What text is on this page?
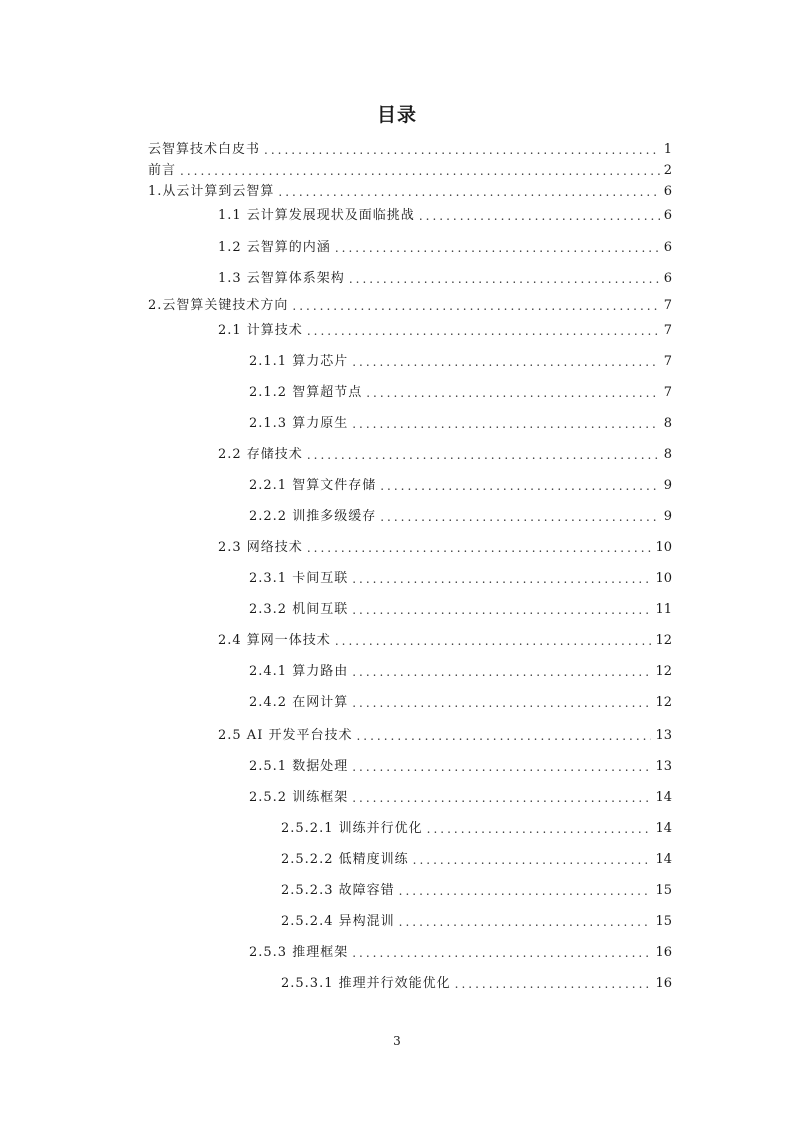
目录
云智算技术白皮书 .....	1
前言 .....	2
1.从云计算到云智算 .....	6
1.1 云计算发展现状及面临挑战 .....	6
1.2 云智算的内涵 .....	6
1.3 云智算体系架构 .....	6
2.云智算关键技术方向 .....	7
2.1 计算技术 .....	7
2.1.1 算力芯片 .....	7
2.1.2 智算超节点 .....	7
2.1.3 算力原生 .....	8
2.2 存储技术 .....	8
2.2.1 智算文件存储 .....	9
2.2.2 训推多级缓存 .....	9
2.3 网络技术 .....	10
2.3.1 卡间互联 .....	10
2.3.2 机间互联 .....	11
2.4 算网一体技术 .....	12
2.4.1 算力路由 .....	12
2.4.2 在网计算 .....	12
2.5 AI 开发平台技术 .....	13
2.5.1 数据处理 .....	13
2.5.2 训练框架 .....	14
2.5.2.1 训练并行优化 .....	14
2.5.2.2 低精度训练 .....	14
2.5.2.3 故障容错 .....	15
2.5.2.4 异构混训 .....	15
2.5.3 推理框架 .....	16
2.5.3.1 推理并行效能优化 .....	16
3
